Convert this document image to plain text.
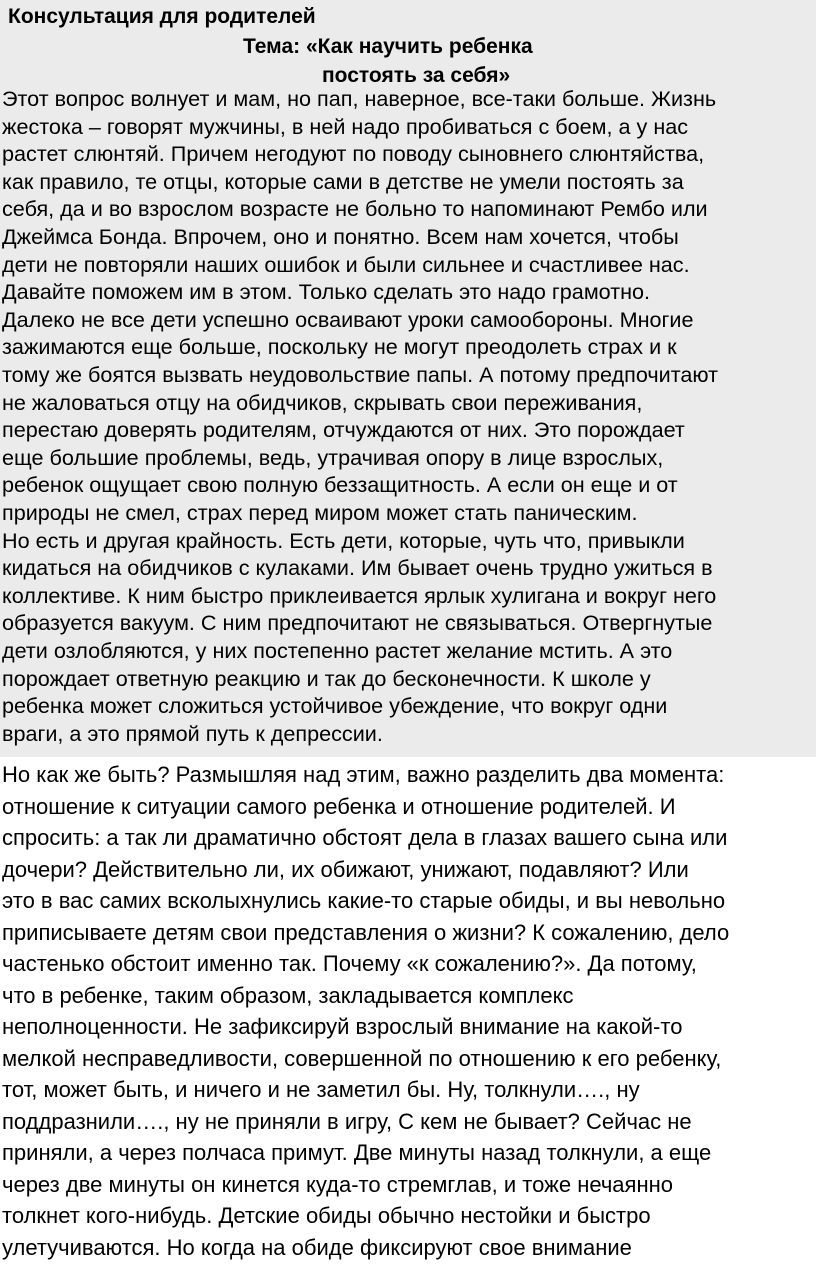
Консультация для родителей
Тема: «Как научить ребенка
постоять за себя»
Этот вопрос волнует и мам, но пап, наверное, все-таки больше. Жизнь
жестока – говорят мужчины, в ней надо пробиваться с боем, а у нас
растет слюнтяй. Причем негодуют по поводу сыновнего слюнтяйства,
как правило, те отцы, которые сами в детстве не умели постоять за
себя, да и во взрослом возрасте не больно то напоминают Рембо или
Джеймса Бонда. Впрочем, оно и понятно. Всем нам хочется, чтобы
дети не повторяли наших ошибок и были сильнее и счастливее нас.
Давайте поможем им в этом. Только сделать это надо грамотно.
Далеко не все дети успешно осваивают уроки самообороны. Многие
зажимаются еще больше, поскольку не могут преодолеть страх и к
тому же боятся вызвать неудовольствие папы. А потому предпочитают
не жаловаться отцу на обидчиков, скрывать свои переживания,
перестаю доверять родителям, отчуждаются от них. Это порождает
еще большие проблемы, ведь, утрачивая опору в лице взрослых,
ребенок ощущает свою полную беззащитность. А если он еще и от
природы не смел, страх перед миром может стать паническим.
Но есть и другая крайность. Есть дети, которые, чуть что, привыкли
кидаться на обидчиков с кулаками. Им бывает очень трудно ужиться в
коллективе. К ним быстро приклеивается ярлык хулигана и вокруг него
образуется вакуум. С ним предпочитают не связываться. Отвергнутые
дети озлобляются, у них постепенно растет желание мстить. А это
порождает ответную реакцию и так до бесконечности. К школе у
ребенка может сложиться устойчивое убеждение, что вокруг одни
враги, а это прямой путь к депрессии.
Но как же быть? Размышляя над этим, важно разделить два момента:
отношение к ситуации самого ребенка и отношение родителей. И
спросить: а так ли драматично обстоят дела в глазах вашего сына или
дочери? Действительно ли, их обижают, унижают, подавляют? Или
это в вас самих всколыхнулись какие-то старые обиды, и вы невольно
приписываете детям свои представления о жизни? К сожалению, дело
частенько обстоит именно так. Почему «к сожалению?». Да потому,
что в ребенке, таким образом, закладывается комплекс
неполноценности. Не зафиксируй взрослый внимание на какой-то
мелкой несправедливости, совершенной по отношению к его ребенку,
тот, может быть, и ничего и не заметил бы. Ну, толкнули…., ну
поддразнили…., ну не приняли в игру, С кем не бывает? Сейчас не
приняли, а через полчаса примут. Две минуты назад толкнули, а еще
через две минуты он кинется куда-то стремглав, и тоже нечаянно
толкнет кого-нибудь. Детские обиды обычно нестойки и быстро
улетучиваются. Но когда на обиде фиксируют свое внимание
